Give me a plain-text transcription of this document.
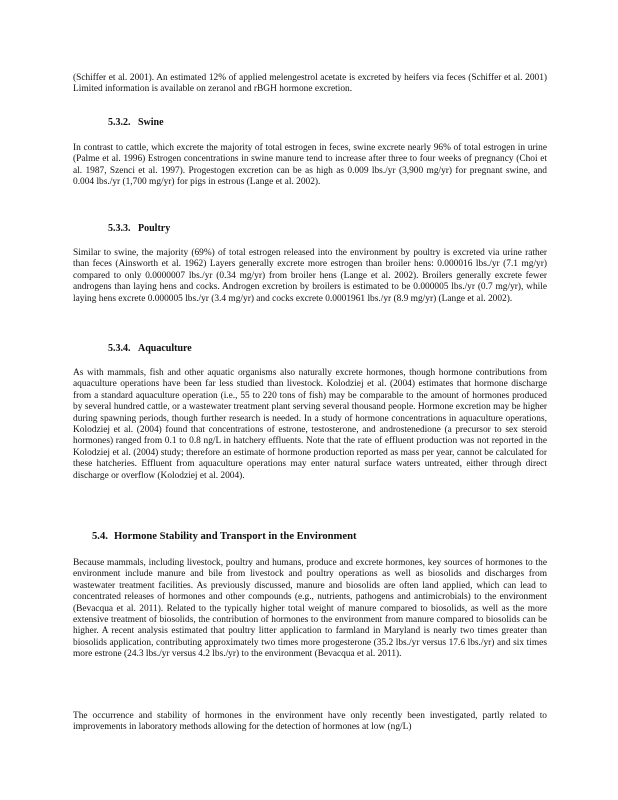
(Schiffer et al. 2001). An estimated 12% of applied melengestrol acetate is excreted by heifers via feces (Schiffer et al. 2001) Limited information is available on zeranol and rBGH hormone excretion.

5.3.2. Swine

In contrast to cattle, which excrete the majority of total estrogen in feces, swine excrete nearly 96% of total estrogen in urine (Palme et al. 1996) Estrogen concentrations in swine manure tend to increase after three to four weeks of pregnancy (Choi et al. 1987, Szenci et al. 1997). Progestogen excretion can be as high as 0.009 lbs./yr (3,900 mg/yr) for pregnant swine, and 0.004 lbs./yr (1,700 mg/yr) for pigs in estrous (Lange et al. 2002).

5.3.3. Poultry

Similar to swine, the majority (69%) of total estrogen released into the environment by poultry is excreted via urine rather than feces (Ainsworth et al. 1962) Layers generally excrete more estrogen than broiler hens: 0.000016 lbs./yr (7.1 mg/yr) compared to only 0.0000007 lbs./yr (0.34 mg/yr) from broiler hens (Lange et al. 2002). Broilers generally excrete fewer androgens than laying hens and cocks. Androgen excretion by broilers is estimated to be 0.000005 lbs./yr (0.7 mg/yr), while laying hens excrete 0.000005 lbs./yr (3.4 mg/yr) and cocks excrete 0.0001961 lbs./yr (8.9 mg/yr) (Lange et al. 2002).

5.3.4. Aquaculture

As with mammals, fish and other aquatic organisms also naturally excrete hormones, though hormone contributions from aquaculture operations have been far less studied than livestock. Kolodziej et al. (2004) estimates that hormone discharge from a standard aquaculture operation (i.e., 55 to 220 tons of fish) may be comparable to the amount of hormones produced by several hundred cattle, or a wastewater treatment plant serving several thousand people. Hormone excretion may be higher during spawning periods, though further research is needed. In a study of hormone concentrations in aquaculture operations, Kolodziej et al. (2004) found that concentrations of estrone, testosterone, and androstenedione (a precursor to sex steroid hormones) ranged from 0.1 to 0.8 ng/L in hatchery effluents. Note that the rate of effluent production was not reported in the Kolodziej et al. (2004) study; therefore an estimate of hormone production reported as mass per year, cannot be calculated for these hatcheries. Effluent from aquaculture operations may enter natural surface waters untreated, either through direct discharge or overflow (Kolodziej et al. 2004).

5.4. Hormone Stability and Transport in the Environment

Because mammals, including livestock, poultry and humans, produce and excrete hormones, key sources of hormones to the environment include manure and bile from livestock and poultry operations as well as biosolids and discharges from wastewater treatment facilities. As previously discussed, manure and biosolids are often land applied, which can lead to concentrated releases of hormones and other compounds (e.g., nutrients, pathogens and antimicrobials) to the environment (Bevacqua et al. 2011). Related to the typically higher total weight of manure compared to biosolids, as well as the more extensive treatment of biosolids, the contribution of hormones to the environment from manure compared to biosolids can be higher. A recent analysis estimated that poultry litter application to farmland in Maryland is nearly two times greater than biosolids application, contributing approximately two times more progesterone (35.2 lbs./yr versus 17.6 lbs./yr) and six times more estrone (24.3 lbs./yr versus 4.2 lbs./yr) to the environment (Bevacqua et al. 2011).

The occurrence and stability of hormones in the environment have only recently been investigated, partly related to improvements in laboratory methods allowing for the detection of hormones at low (ng/L)
